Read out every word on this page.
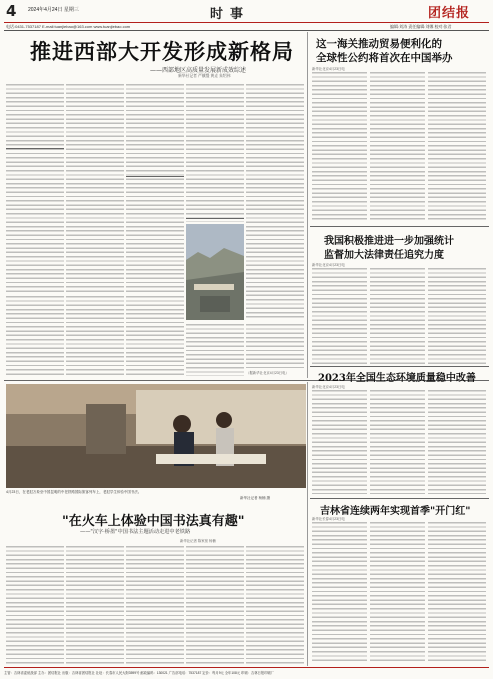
4 2024年4月24日 星期三	时事	团结报
电话:0431-7537187 E-mail:tuanjiebao@163.com www.tuanjiebao.com	编辑:刘涛 责任编辑:刘娜 校对:张君
推进西部大开发形成新格局
——西部地区高质量发展新成效综述
新华社记者 严赋憬 黄垚 朱绍伟
（据新华社北京4月23日电）
这一海关推动贸易便利化的
全球性公约将首次在中国举办
新华社北京4月23日电
我国积极推进进一步加强统计
监督加大法律责任追究力度
新华社北京4月23日电
2023年全国生态环境质量稳中改善
新华社北京4月23日电
吉林省连续两年实现首季"开门红"
新华社长春4月23日电
4月23日，在老挝万象至中国昆明的中老铁路国际旅客列车上，老挝学生体验中国书法。
新华社记者 杨楠 摄
"在火车上体验中国书法真有趣"
——"汉字·桥墨"中国书法主题活动走进中老铁路
新华社记者 陈家宽 杨楠
主管：吉林省委统战部 主办：团结报社 出版：吉林省团结报社 社址：长春市人民大街3599号 邮政编码：130021 广告部电话：7537187 定价：每月9元 全年108元 印刷：吉林日报印刷厂
